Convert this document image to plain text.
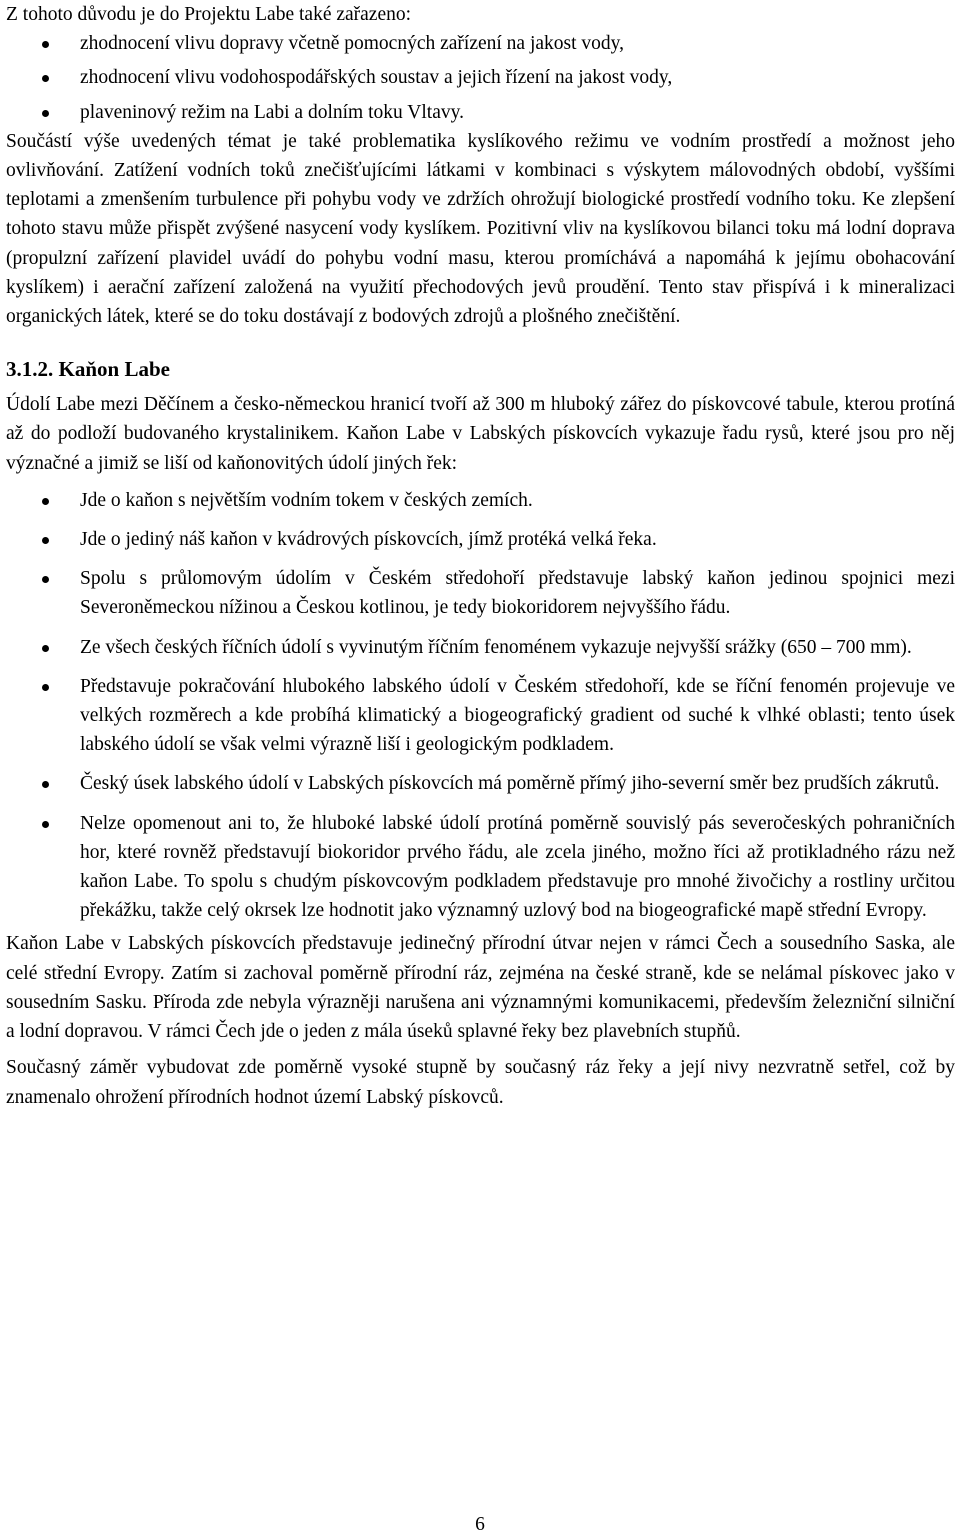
Z tohoto důvodu je do Projektu Labe také zařazeno:

zhodnocení vlivu dopravy včetně pomocných zařízení na jakost vody,
zhodnocení vlivu vodohospodářských soustav a jejich řízení na jakost vody,
plaveninový režim na Labi a dolním toku Vltavy.

Součástí výše uvedených témat je také problematika kyslíkového režimu ve vodním prostředí a možnost jeho ovlivňování. Zatížení vodních toků znečišťujícími látkami v kombinaci s výskytem málovodných období, vyššími teplotami a zmenšením turbulence při pohybu vody ve zdržích ohrožují biologické prostředí vodního toku. Ke zlepšení tohoto stavu může přispět zvýšené nasycení vody kyslíkem. Pozitivní vliv na kyslíkovou bilanci toku má lodní doprava (propulzní zařízení plavidel uvádí do pohybu vodní masu, kterou promíchává a napomáhá k jejímu obohacování kyslíkem) i aerační zařízení založená na využití přechodových jevů proudění. Tento stav přispívá i k mineralizaci organických látek, které se do toku dostávají z bodových zdrojů a plošného znečištění.

3.1.2. Kaňon Labe

Údolí Labe mezi Děčínem a česko-německou hranicí tvoří až 300 m hluboký zářez do pískovcové tabule, kterou protíná až do podloží budovaného krystalinikem. Kaňon Labe v Labských pískovcích vykazuje řadu rysů, které jsou pro něj význačné a jimiž se liší od kaňonovitých údolí jiných řek:

Jde o kaňon s největším vodním tokem v českých zemích.
Jde o jediný náš kaňon v kvádrových pískovcích, jímž protéká velká řeka.
Spolu s průlomovým údolím v Českém středohoří představuje labský kaňon jedinou spojnici mezi Severoněmeckou nížinou a Českou kotlinou, je tedy biokoridorem nejvyššího řádu.
Ze všech českých říčních údolí s vyvinutým říčním fenoménem vykazuje nejvyšší srážky (650 – 700 mm).
Představuje pokračování hlubokého labského údolí v Českém středohoří, kde se říční fenomén projevuje ve velkých rozměrech a kde probíhá klimatický a biogeografický gradient od suché k vlhké oblasti; tento úsek labského údolí se však velmi výrazně liší i geologickým podkladem.
Český úsek labského údolí v Labských pískovcích má poměrně přímý jiho-severní směr bez prudších zákrutů.
Nelze opomenout ani to, že hluboké labské údolí protíná poměrně souvislý pás severočeských pohraničních hor, které rovněž představují biokoridor prvého řádu, ale zcela jiného, možno říci až protikladného rázu než kaňon Labe. To spolu s chudým pískovcovým podkladem představuje pro mnohé živočichy a rostliny určitou překážku, takže celý okrsek lze hodnotit jako významný uzlový bod na biogeografické mapě střední Evropy.

Kaňon Labe v Labských pískovcích představuje jedinečný přírodní útvar nejen v rámci Čech a sousedního Saska, ale celé střední Evropy. Zatím si zachoval poměrně přírodní ráz, zejména na české straně, kde se nelámal pískovec jako v sousedním Sasku. Příroda zde nebyla výrazněji narušena ani významnými komunikacemi, především železniční silniční a lodní dopravou. V rámci Čech jde o jeden z mála úseků splavné řeky bez plavebních stupňů.

Současný záměr vybudovat zde poměrně vysoké stupně by současný ráz řeky a její nivy nezvratně setřel, což by znamenalo ohrožení přírodních hodnot území Labský pískovců.

6
